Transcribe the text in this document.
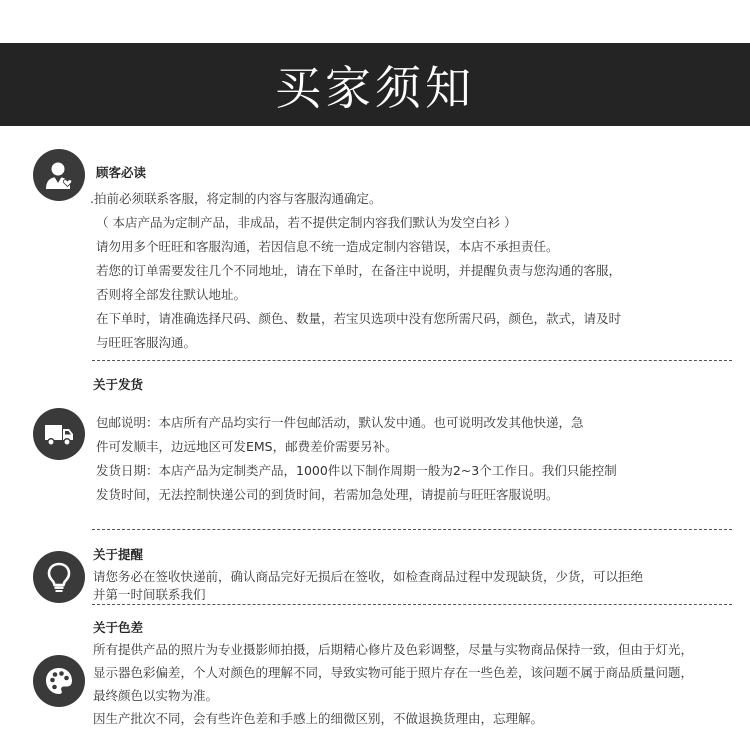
买家须知
顾客必读
.拍前必须联系客服，将定制的内容与客服沟通确定。
（ 本店产品为定制产品，非成品，若不提供定制内容我们默认为发空白衫 ）
请勿用多个旺旺和客服沟通，若因信息不统一造成定制内容错误，本店不承担责任。
若您的订单需要发往几个不同地址，请在下单时，在备注中说明，并提醒负责与您沟通的客服，
否则将全部发往默认地址。
在下单时，请准确选择尺码、颜色、数量，若宝贝选项中没有您所需尺码，颜色，款式，请及时
与旺旺客服沟通。
关于发货
包邮说明：本店所有产品均实行一件包邮活动，默认发中通。也可说明改发其他快递，急
件可发顺丰，边远地区可发EMS，邮费差价需要另补。
发货日期：本店产品为定制类产品，1000件以下制作周期一般为2~3个工作日。我们只能控制
发货时间，无法控制快递公司的到货时间，若需加急处理，请提前与旺旺客服说明。
关于提醒
请您务必在签收快递前，确认商品完好无损后在签收，如检查商品过程中发现缺货，少货，可以拒绝
并第一时间联系我们
关于色差
所有提供产品的照片为专业摄影师拍摄，后期精心修片及色彩调整，尽量与实物商品保持一致，但由于灯光，
显示器色彩偏差，个人对颜色的理解不同，导致实物可能于照片存在一些色差，该问题不属于商品质量问题，
最终颜色以实物为准。
因生产批次不同，会有些许色差和手感上的细微区别，不做退换货理由，忘理解。
